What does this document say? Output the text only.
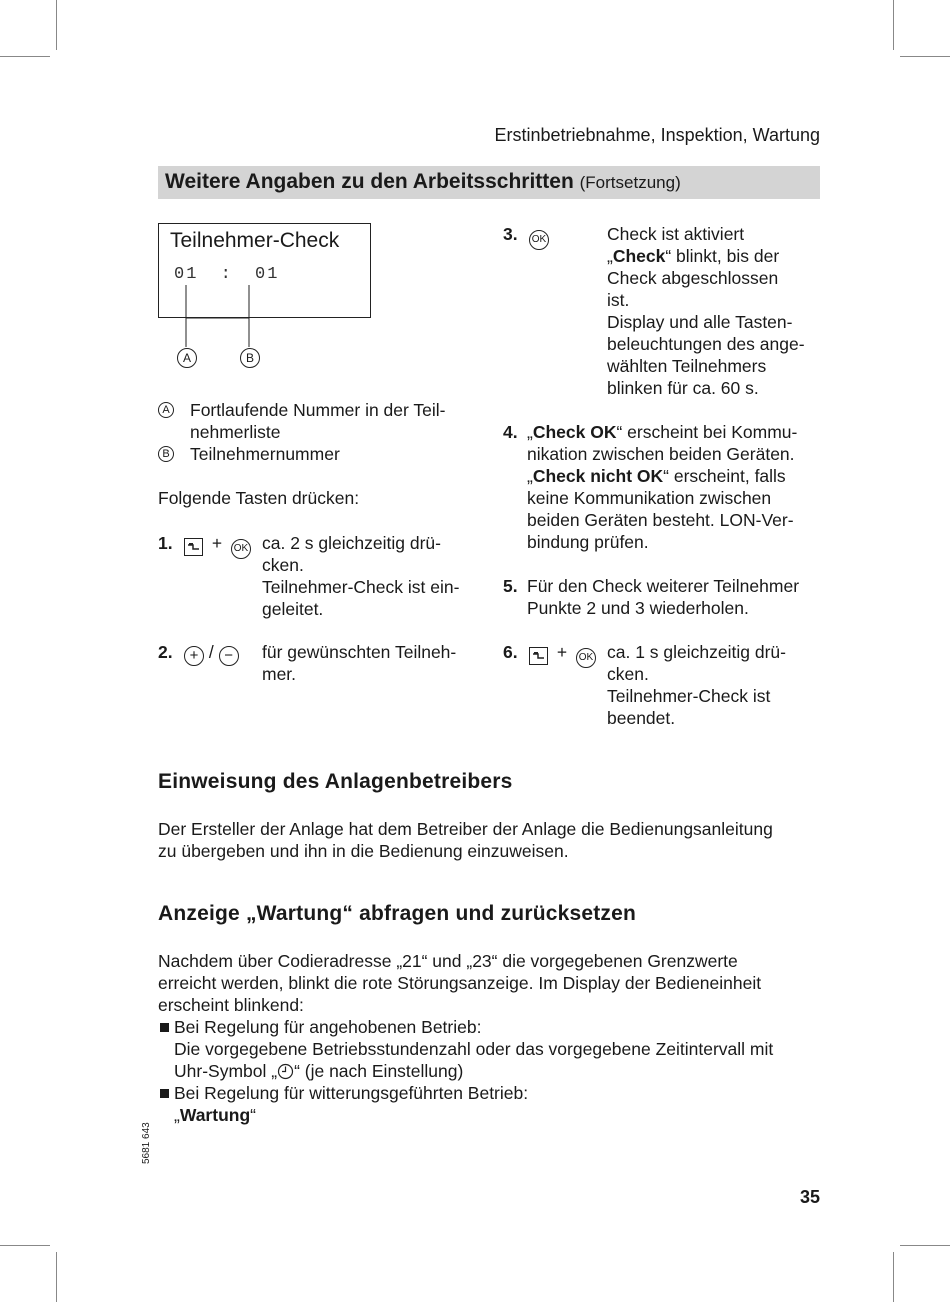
Erstinbetriebnahme, Inspektion, Wartung
Weitere Angaben zu den Arbeitsschritten (Fortsetzung)
Teilnehmer-Check
01 : 01
A	B
A Fortlaufende Nummer in der Teil-nehmerliste
B Teilnehmernummer
Folgende Tasten drücken:
1.	+ OK ca. 2 s gleichzeitig drü-
cken.
Teilnehmer-Check ist ein-
geleitet.
2.	+ / −	für gewünschten Teilneh-
mer.
3. OK	Check ist aktiviert
„Check“ blinkt, bis der
Check abgeschlossen
ist.
Display und alle Tasten-
beleuchtungen des ange-
wählten Teilnehmers
blinken für ca. 60 s.
4. „Check OK“ erscheint bei Kommu-
nikation zwischen beiden Geräten.
„Check nicht OK“ erscheint, falls
keine Kommunikation zwischen
beiden Geräten besteht. LON-Ver-
bindung prüfen.
5. Für den Check weiterer Teilnehmer
Punkte 2 und 3 wiederholen.
6.	+ OK ca. 1 s gleichzeitig drü-
cken.
Teilnehmer-Check ist
beendet.
Einweisung des Anlagenbetreibers
Der Ersteller der Anlage hat dem Betreiber der Anlage die Bedienungsanleitung
zu übergeben und ihn in die Bedienung einzuweisen.
Anzeige „Wartung“ abfragen und zurücksetzen
Nachdem über Codieradresse „21“ und „23“ die vorgegebenen Grenzwerte
erreicht werden, blinkt die rote Störungsanzeige. Im Display der Bedieneinheit
erscheint blinkend:
Bei Regelung für angehobenen Betrieb:
Die vorgegebene Betriebsstundenzahl oder das vorgegebene Zeitintervall mit
Uhr-Symbol „ “ (je nach Einstellung)
Bei Regelung für witterungsgeführten Betrieb:
„Wartung“
5681 643
35
